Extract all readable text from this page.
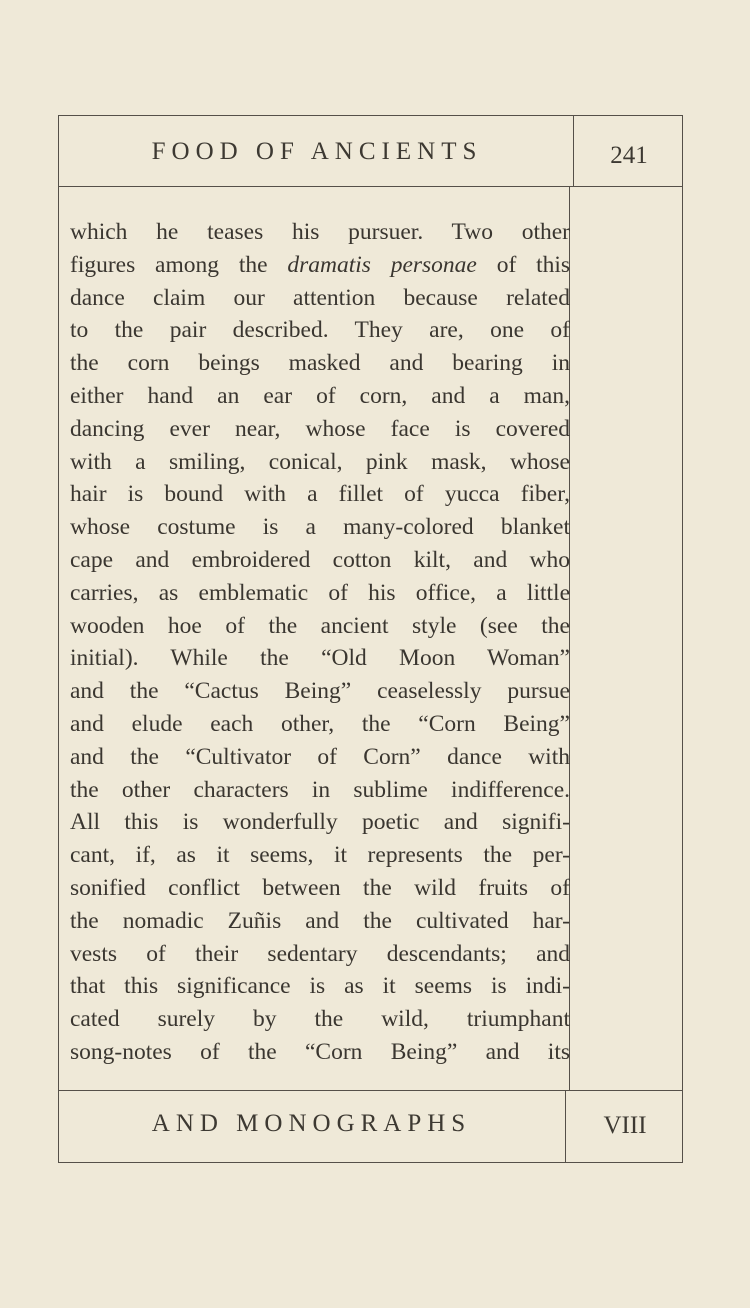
FOOD OF ANCIENTS	241
which he teases his pursuer. Two other
figures among the dramatis personae of this
dance claim our attention because related
to the pair described. They are, one of
the corn beings masked and bearing in
either hand an ear of corn, and a man,
dancing ever near, whose face is covered
with a smiling, conical, pink mask, whose
hair is bound with a fillet of yucca fiber,
whose costume is a many-colored blanket
cape and embroidered cotton kilt, and who
carries, as emblematic of his office, a little
wooden hoe of the ancient style (see the
initial). While the “Old Moon Woman”
and the “Cactus Being” ceaselessly pursue
and elude each other, the “Corn Being”
and the “Cultivator of Corn” dance with
the other characters in sublime indifference.
All this is wonderfully poetic and signifi-
cant, if, as it seems, it represents the per-
sonified conflict between the wild fruits of
the nomadic Zuñis and the cultivated har-
vests of their sedentary descendants; and
that this significance is as it seems is indi-
cated surely by the wild, triumphant
song-notes of the “Corn Being” and its
AND MONOGRAPHS	VIII
